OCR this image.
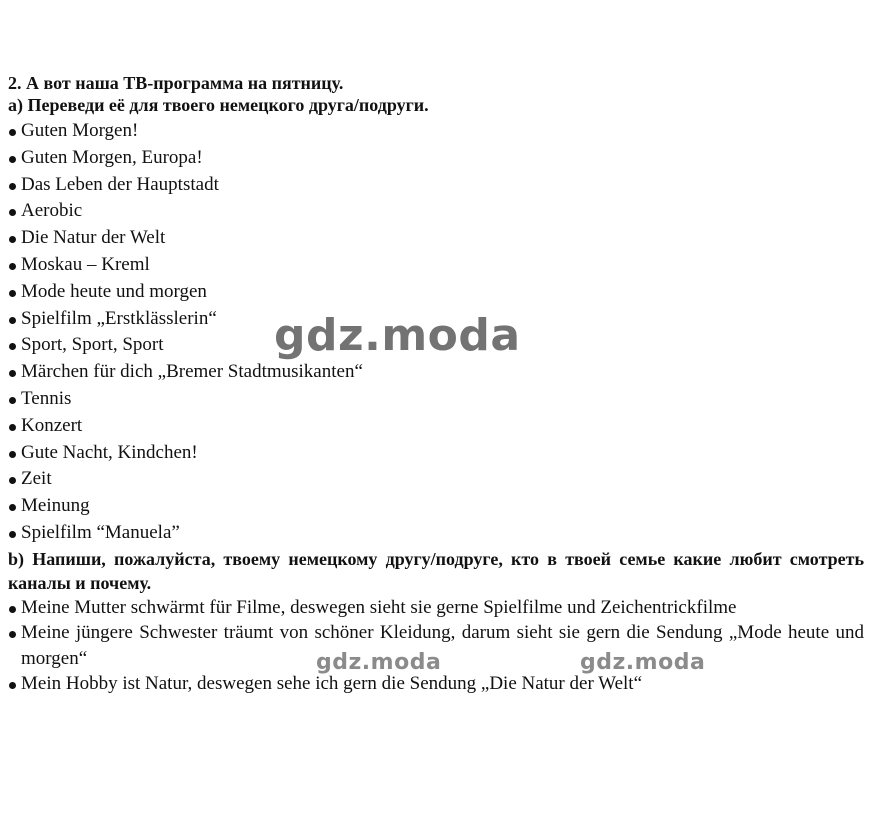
2. А вот наша ТВ-программа на пятницу.

а) Переведи её для твоего немецкого друга/подруги.

Guten Morgen!
Guten Morgen, Europa!
Das Leben der Hauptstadt
Aerobic
Die Natur der Welt
Moskau – Kreml
Mode heute und morgen
Spielfilm „Erstklässlerin“
Sport, Sport, Sport
Märchen für dich „Bremer Stadtmusikanten“
Tennis
Konzert
Gute Nacht, Kindchen!
Zeit
Meinung
Spielfilm “Manuela”

b) Напиши, пожалуйста, твоему немецкому другу/подруге, кто в твоей семье какие любит смотреть каналы и почему.

Meine Mutter schwärmt für Filme, deswegen sieht sie gerne Spielfilme und Zeichentrickfilme
Meine jüngere Schwester träumt von schöner Kleidung, darum sieht sie gern die Sendung „Mode heute und morgen“
Mein Hobby ist Natur, deswegen sehe ich gern die Sendung „Die Natur der Welt“
gdz.moda
gdz.moda	gdz.moda
